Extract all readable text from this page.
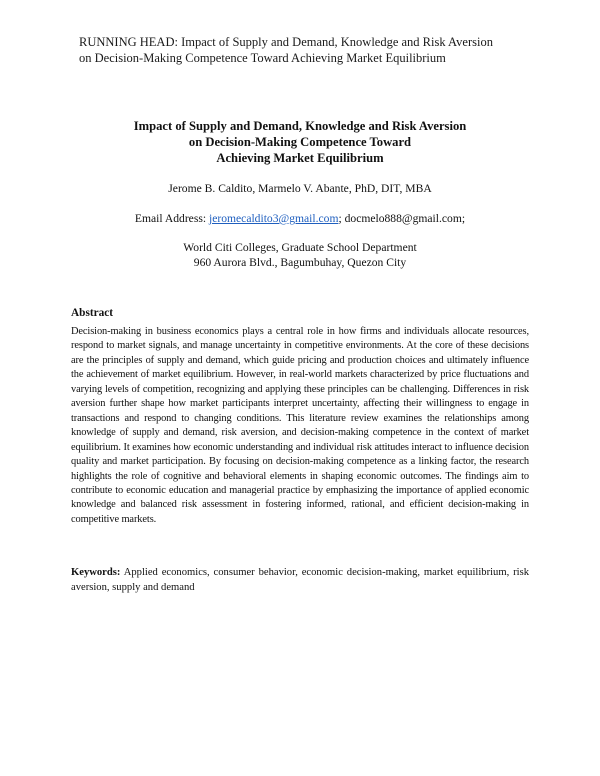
RUNNING HEAD: Impact of Supply and Demand, Knowledge and Risk Aversion on Decision-Making Competence Toward Achieving Market Equilibrium
Impact of Supply and Demand, Knowledge and Risk Aversion
on Decision-Making Competence Toward
Achieving Market Equilibrium
Jerome B. Caldito, Marmelo V. Abante, PhD, DIT, MBA
Email Address: jeromecaldito3@gmail.com; docmelo888@gmail.com;
World Citi Colleges, Graduate School Department
960 Aurora Blvd., Bagumbuhay, Quezon City
Abstract
Decision-making in business economics plays a central role in how firms and individuals allocate resources, respond to market signals, and manage uncertainty in competitive environments. At the core of these decisions are the principles of supply and demand, which guide pricing and production choices and ultimately influence the achievement of market equilibrium. However, in real-world markets characterized by price fluctuations and varying levels of competition, recognizing and applying these principles can be challenging. Differences in risk aversion further shape how market participants interpret uncertainty, affecting their willingness to engage in transactions and respond to changing conditions. This literature review examines the relationships among knowledge of supply and demand, risk aversion, and decision-making competence in the context of market equilibrium. It examines how economic understanding and individual risk attitudes interact to influence decision quality and market participation. By focusing on decision-making competence as a linking factor, the research highlights the role of cognitive and behavioral elements in shaping economic outcomes. The findings aim to contribute to economic education and managerial practice by emphasizing the importance of applied economic knowledge and balanced risk assessment in fostering informed, rational, and efficient decision-making in competitive markets.
Keywords: Applied economics, consumer behavior, economic decision-making, market equilibrium, risk aversion, supply and demand
